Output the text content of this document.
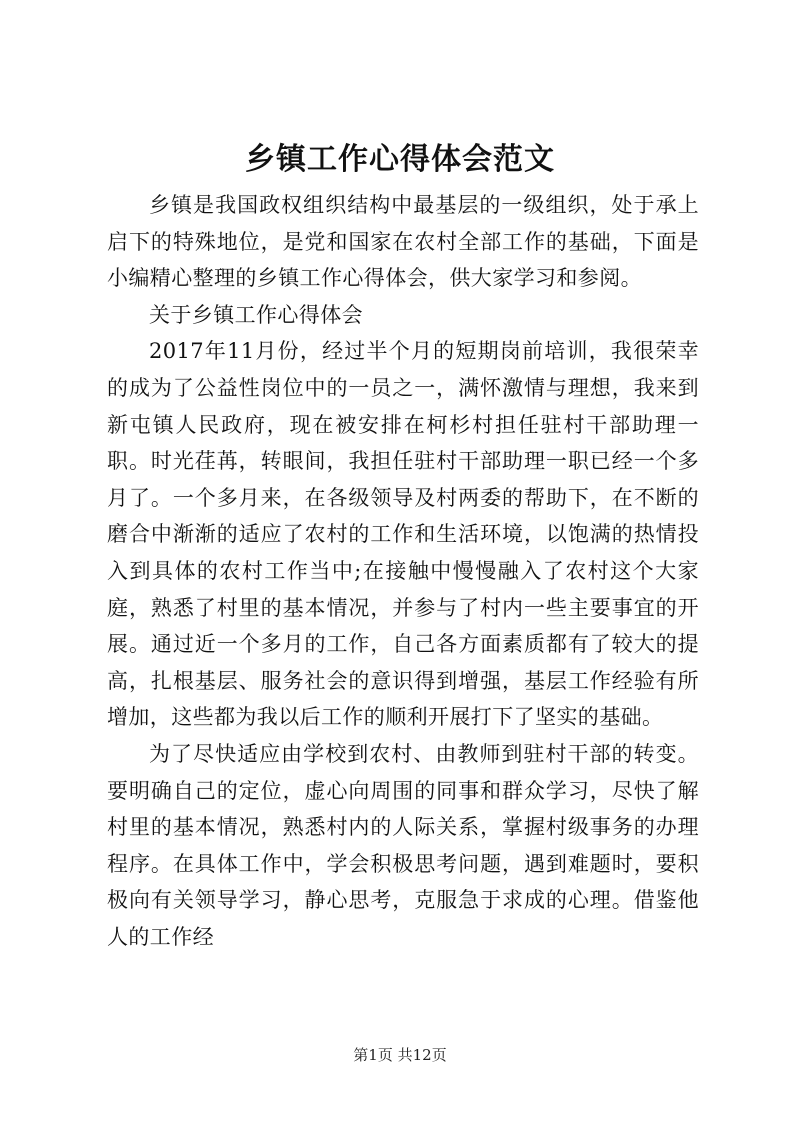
乡镇工作心得体会范文

乡镇是我国政权组织结构中最基层的一级组织，处于承上启下的特殊地位，是党和国家在农村全部工作的基础，下面是小编精心整理的乡镇工作心得体会，供大家学习和参阅。

关于乡镇工作心得体会

2017年11月份，经过半个月的短期岗前培训，我很荣幸的成为了公益性岗位中的一员之一，满怀激情与理想，我来到新屯镇人民政府，现在被安排在柯杉村担任驻村干部助理一职。时光荏苒，转眼间，我担任驻村干部助理一职已经一个多月了。一个多月来，在各级领导及村两委的帮助下，在不断的磨合中渐渐的适应了农村的工作和生活环境，以饱满的热情投入到具体的农村工作当中;在接触中慢慢融入了农村这个大家庭，熟悉了村里的基本情况，并参与了村内一些主要事宜的开展。通过近一个多月的工作，自己各方面素质都有了较大的提高，扎根基层、服务社会的意识得到增强，基层工作经验有所增加，这些都为我以后工作的顺利开展打下了坚实的基础。

为了尽快适应由学校到农村、由教师到驻村干部的转变。要明确自己的定位，虚心向周围的同事和群众学习，尽快了解村里的基本情况，熟悉村内的人际关系，掌握村级事务的办理程序。在具体工作中，学会积极思考问题，遇到难题时，要积极向有关领导学习，静心思考，克服急于求成的心理。借鉴他人的工作经

第1页 共12页
